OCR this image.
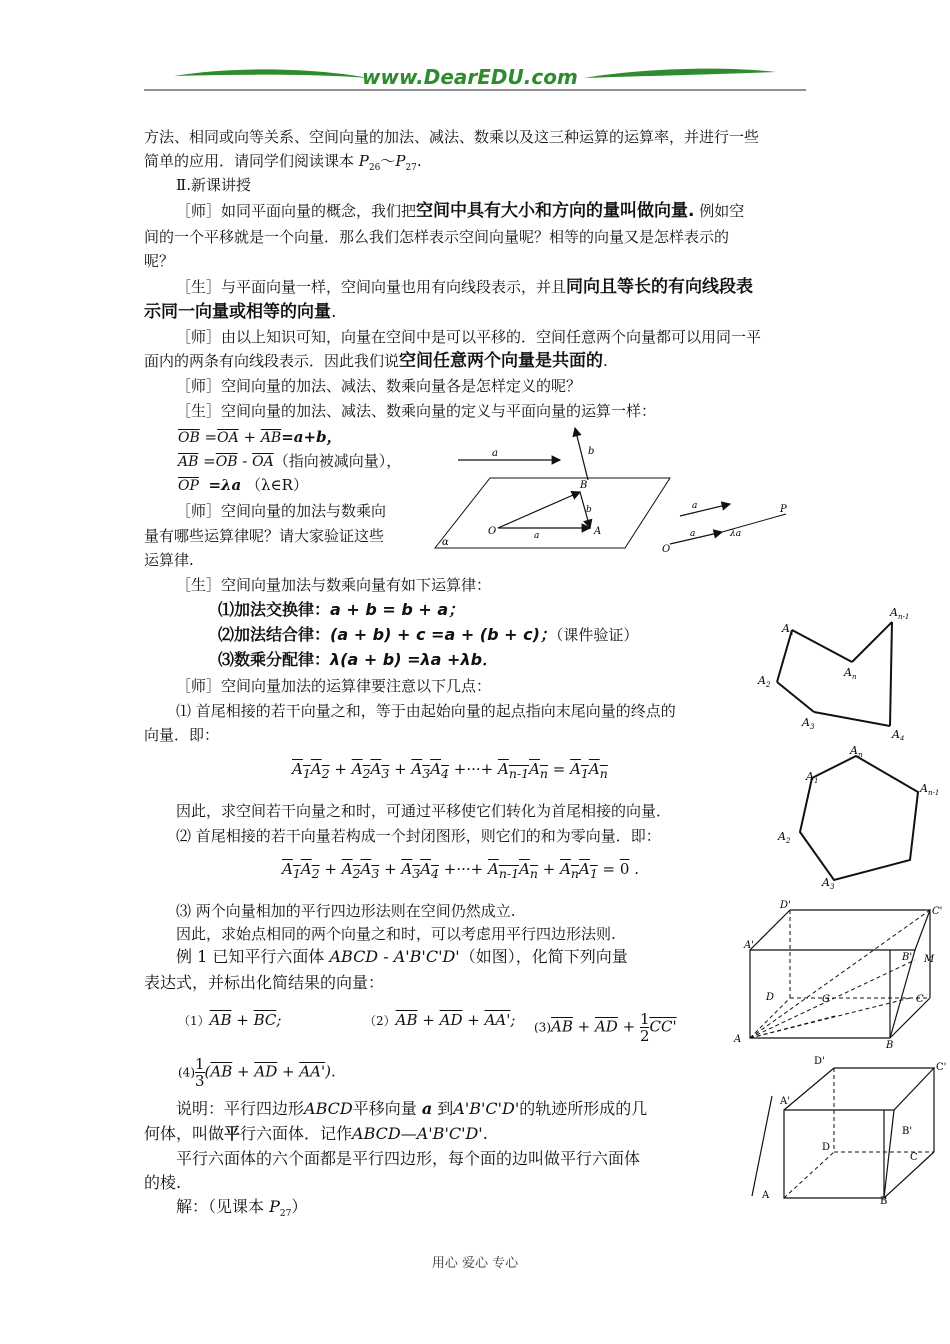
www.DearEDU.com
方法、相同或向等关系、空间向量的加法、减法、数乘以及这三种运算的运算率，并进行一些
简单的应用．请同学们阅读课本 $P_{26}\sim P_{27}$.
Ⅱ.新课讲授
［师］如同平面向量的概念，我们把空间中具有大小和方向的量叫做向量. 例如空
间的一个平移就是一个向量．那么我们怎样表示空间向量呢？相等的向量又是怎样表示的
呢？
［生］与平面向量一样，空间向量也用有向线段表示，并且同向且等长的有向线段表
示同一向量或相等的向量.
［师］由以上知识可知，向量在空间中是可以平移的．空间任意两个向量都可以用同一平
面内的两条有向线段表示．因此我们说空间任意两个向量是共面的.
［师］空间向量的加法、减法、数乘向量各是怎样定义的呢？
［生］空间向量的加法、减法、数乘向量的定义与平面向量的运算一样：
$\overline{OB} =\overline{OA} + \overline{AB}=a+b$，
$\overline{AB} =\overline{OB} - \overline{OA}$（指向被减向量），
$\overline{OP} =\lambda a$ （λ∈R）
［师］空间向量的加法与数乘向
量有哪些运算律呢？请大家验证这些
运算律.
［生］空间向量加法与数乘向量有如下运算律：
⑴加法交换律：a + b = b + a；
⑵加法结合律：(a + b) + c =a + (b + c)；（课件验证）
⑶数乘分配律：λ(a + b) =λa +λb．
［师］空间向量加法的运算律要注意以下几点：
⑴ 首尾相接的若干向量之和，等于由起始向量的起点指向末尾向量的终点的
向量．即：
$A_1A_2 + A_2A_3 + A_3A_4$ +···+ $A_{n-1}A_n = A_1A_n$
因此，求空间若干向量之和时，可通过平移使它们转化为首尾相接的向量．
⑵ 首尾相接的若干向量若构成一个封闭图形，则它们的和为零向量．即：
$A_1A_2 + A_2A_3 + A_3A_4$ +···+ $A_{n-1}A_n + A_nA_1 = 0$ .
⑶ 两个向量相加的平行四边形法则在空间仍然成立.
因此，求始点相同的两个向量之和时，可以考虑用平行四边形法则.
例 1 已知平行六面体 ABCD - A'B'C'D'（如图），化简下列向量
表达式，并标出化简结果的向量：
$(1)\overline{AB} + \overline{BC}$;	$(2)\overline{AB} + \overline{AD} + AA'$; $(3)\overline{AB} + \overline{AD} + \frac{1}{2} CC'$
$(4) \frac{1}{3} (\overline{AB} + \overline{AD} + AA')$.
说明：平行四边形ABCD平移向量 a 到A'B'C'D'的轨迹所形成的几
何体，叫做平行六面体．记作ABCD—A'B'C'D'.
平行六面体的六个面都是平行四边形，每个面的边叫做平行六面体
的棱.
解：（见课本 $P_{27}$）
a	b
α
B
O	A
a
b	a
O
a	λa
P
$A_1$
$A_{n-1}$
$A_2$
$A_n$
$A_3$
$A_4$
$A_n$
$A_1$
$A_{n-1}$
$A_2$
$A_3$
D'
C'
A'
B' M
D	G	C
A
B
D'
C'
A'
B'
D
C
A
B
用心 爱心 专心
